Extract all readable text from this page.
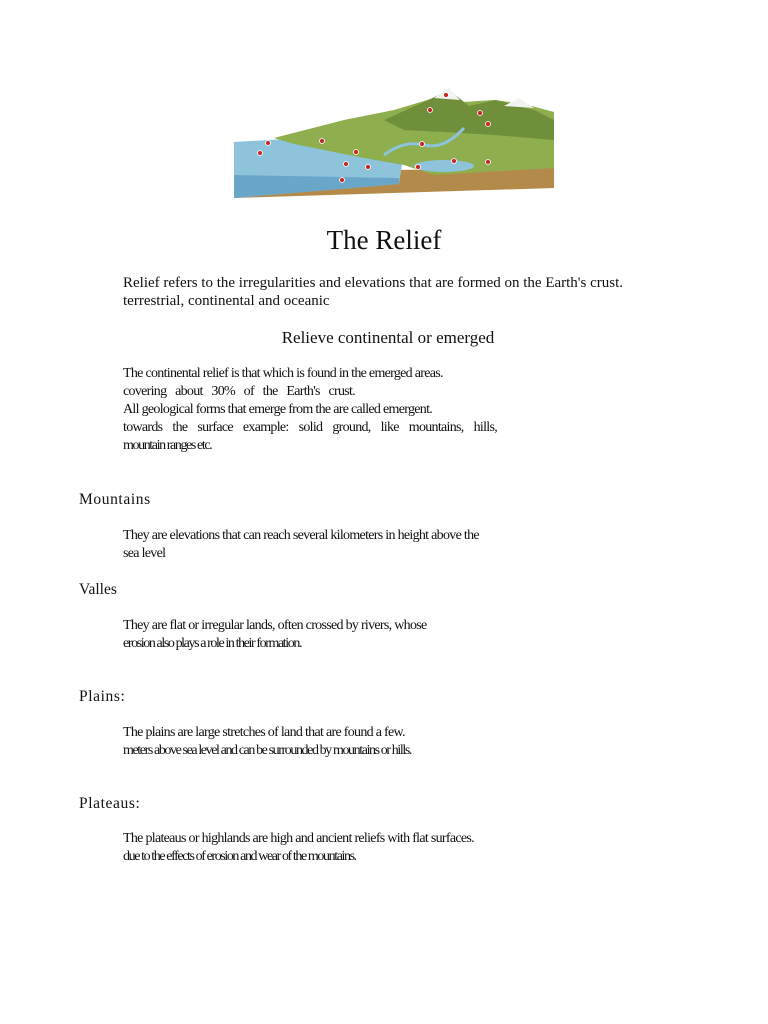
The Relief
Relief refers to the irregularities and elevations that are formed on the Earth's crust.
terrestrial, continental and oceanic
Relieve continental or emerged

The continental relief is that which is found in the emerged areas.

covering about 30% of the Earth's crust.

All geological forms that emerge from the are called emergent.

towards the surface example: solid ground, like mountains, hills,

mountain ranges etc.

Mountains

They are elevations that can reach several kilometers in height above the

sea level

Valles

They are flat or irregular lands, often crossed by rivers, whose

erosion also plays a role in their formation.

Plains:

The plains are large stretches of land that are found a few.

meters above sea level and can be surrounded by mountains or hills.

Plateaus:

The plateaus or highlands are high and ancient reliefs with flat surfaces.

due to the effects of erosion and wear of the mountains.
